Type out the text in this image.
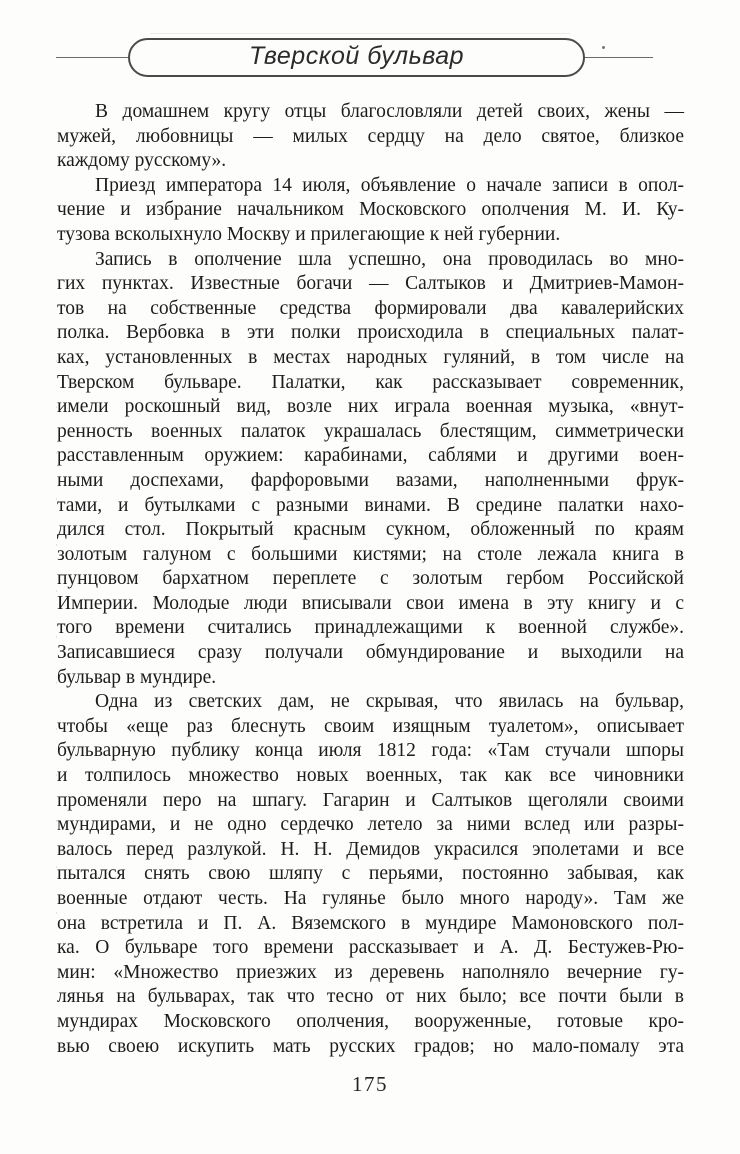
Тверской бульвар
В домашнем кругу отцы благословляли детей своих, жены —
мужей, любовницы — милых сердцу на дело святое, близкое
каждому русскому».
Приезд императора 14 июля, объявление о начале записи в опол-
чение и избрание начальником Московского ополчения М. И. Ку-
тузова всколыхнуло Москву и прилегающие к ней губернии.
Запись в ополчение шла успешно, она проводилась во мно-
гих пунктах. Известные богачи — Салтыков и Дмитриев-Мамон-
тов на собственные средства формировали два кавалерийских
полка. Вербовка в эти полки происходила в специальных палат-
ках, установленных в местах народных гуляний, в том числе на
Тверском бульваре. Палатки, как рассказывает современник,
имели роскошный вид, возле них играла военная музыка, «внут-
ренность военных палаток украшалась блестящим, симметрически
расставленным оружием: карабинами, саблями и другими воен-
ными доспехами, фарфоровыми вазами, наполненными фрук-
тами, и бутылками с разными винами. В средине палатки нахо-
дился стол. Покрытый красным сукном, обложенный по краям
золотым галуном с большими кистями; на столе лежала книга в
пунцовом бархатном переплете с золотым гербом Российской
Империи. Молодые люди вписывали свои имена в эту книгу и с
того времени считались принадлежащими к военной службе».
Записавшиеся сразу получали обмундирование и выходили на
бульвар в мундире.
Одна из светских дам, не скрывая, что явилась на бульвар,
чтобы «еще раз блеснуть своим изящным туалетом», описывает
бульварную публику конца июля 1812 года: «Там стучали шпоры
и толпилось множество новых военных, так как все чиновники
променяли перо на шпагу. Гагарин и Салтыков щеголяли своими
мундирами, и не одно сердечко летело за ними вслед или разры-
валось перед разлукой. Н. Н. Демидов украсился эполетами и все
пытался снять свою шляпу с перьями, постоянно забывая, как
военные отдают честь. На гулянье было много народу». Там же
она встретила и П. А. Вяземского в мундире Мамоновского пол-
ка. О бульваре того времени рассказывает и А. Д. Бестужев-Рю-
мин: «Множество приезжих из деревень наполняло вечерние гу-
лянья на бульварах, так что тесно от них было; все почти были в
мундирах Московского ополчения, вооруженные, готовые кро-
вью своею искупить мать русских градов; но мало-помалу эта
175
